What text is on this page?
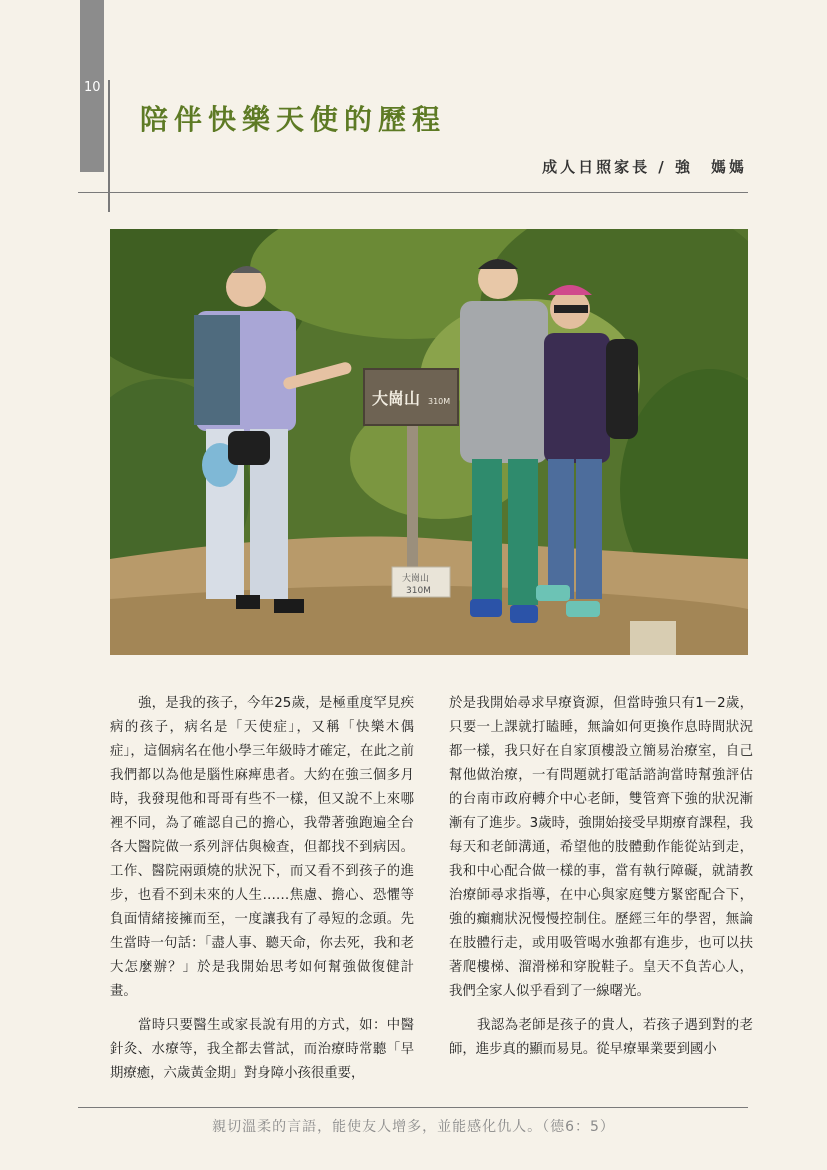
10
陪伴快樂天使的歷程
成人日照家長 / 強　媽媽
大崗山 310M
大崗山
310M

強，是我的孩子，今年25歲，是極重度罕見疾病的孩子，病名是「天使症」，又稱「快樂木偶症」，這個病名在他小學三年級時才確定，在此之前我們都以為他是腦性麻痺患者。大約在強三個多月時，我發現他和哥哥有些不一樣，但又說不上來哪裡不同，為了確認自己的擔心，我帶著強跑遍全台各大醫院做一系列評估與檢查，但都找不到病因。工作、醫院兩頭燒的狀況下，而又看不到孩子的進步，也看不到未來的人生……焦慮、擔心、恐懼等負面情緒接擁而至，一度讓我有了尋短的念頭。先生當時一句話：「盡人事、聽天命，你去死，我和老大怎麼辦？」於是我開始思考如何幫強做復健計畫。

當時只要醫生或家長說有用的方式，如：中醫針灸、水療等，我全都去嘗試，而治療時常聽「早期療癒，六歲黃金期」對身障小孩很重要，

於是我開始尋求早療資源，但當時強只有1－2歲，只要一上課就打瞌睡，無論如何更換作息時間狀況都一樣，我只好在自家頂樓設立簡易治療室，自己幫他做治療，一有問題就打電話諮詢當時幫強評估的台南市政府轉介中心老師，雙管齊下強的狀況漸漸有了進步。3歲時，強開始接受早期療育課程，我每天和老師溝通，希望他的肢體動作能從站到走，我和中心配合做一樣的事，當有執行障礙，就請教治療師尋求指導，在中心與家庭雙方緊密配合下，強的癲癇狀況慢慢控制住。歷經三年的學習，無論在肢體行走，或用吸管喝水強都有進步，也可以扶著爬樓梯、溜滑梯和穿脫鞋子。皇天不負苦心人，我們全家人似乎看到了一線曙光。

我認為老師是孩子的貴人，若孩子遇到對的老師，進步真的顯而易見。從早療畢業要到國小

親切溫柔的言語，能使友人增多，並能感化仇人。（德6：5）
